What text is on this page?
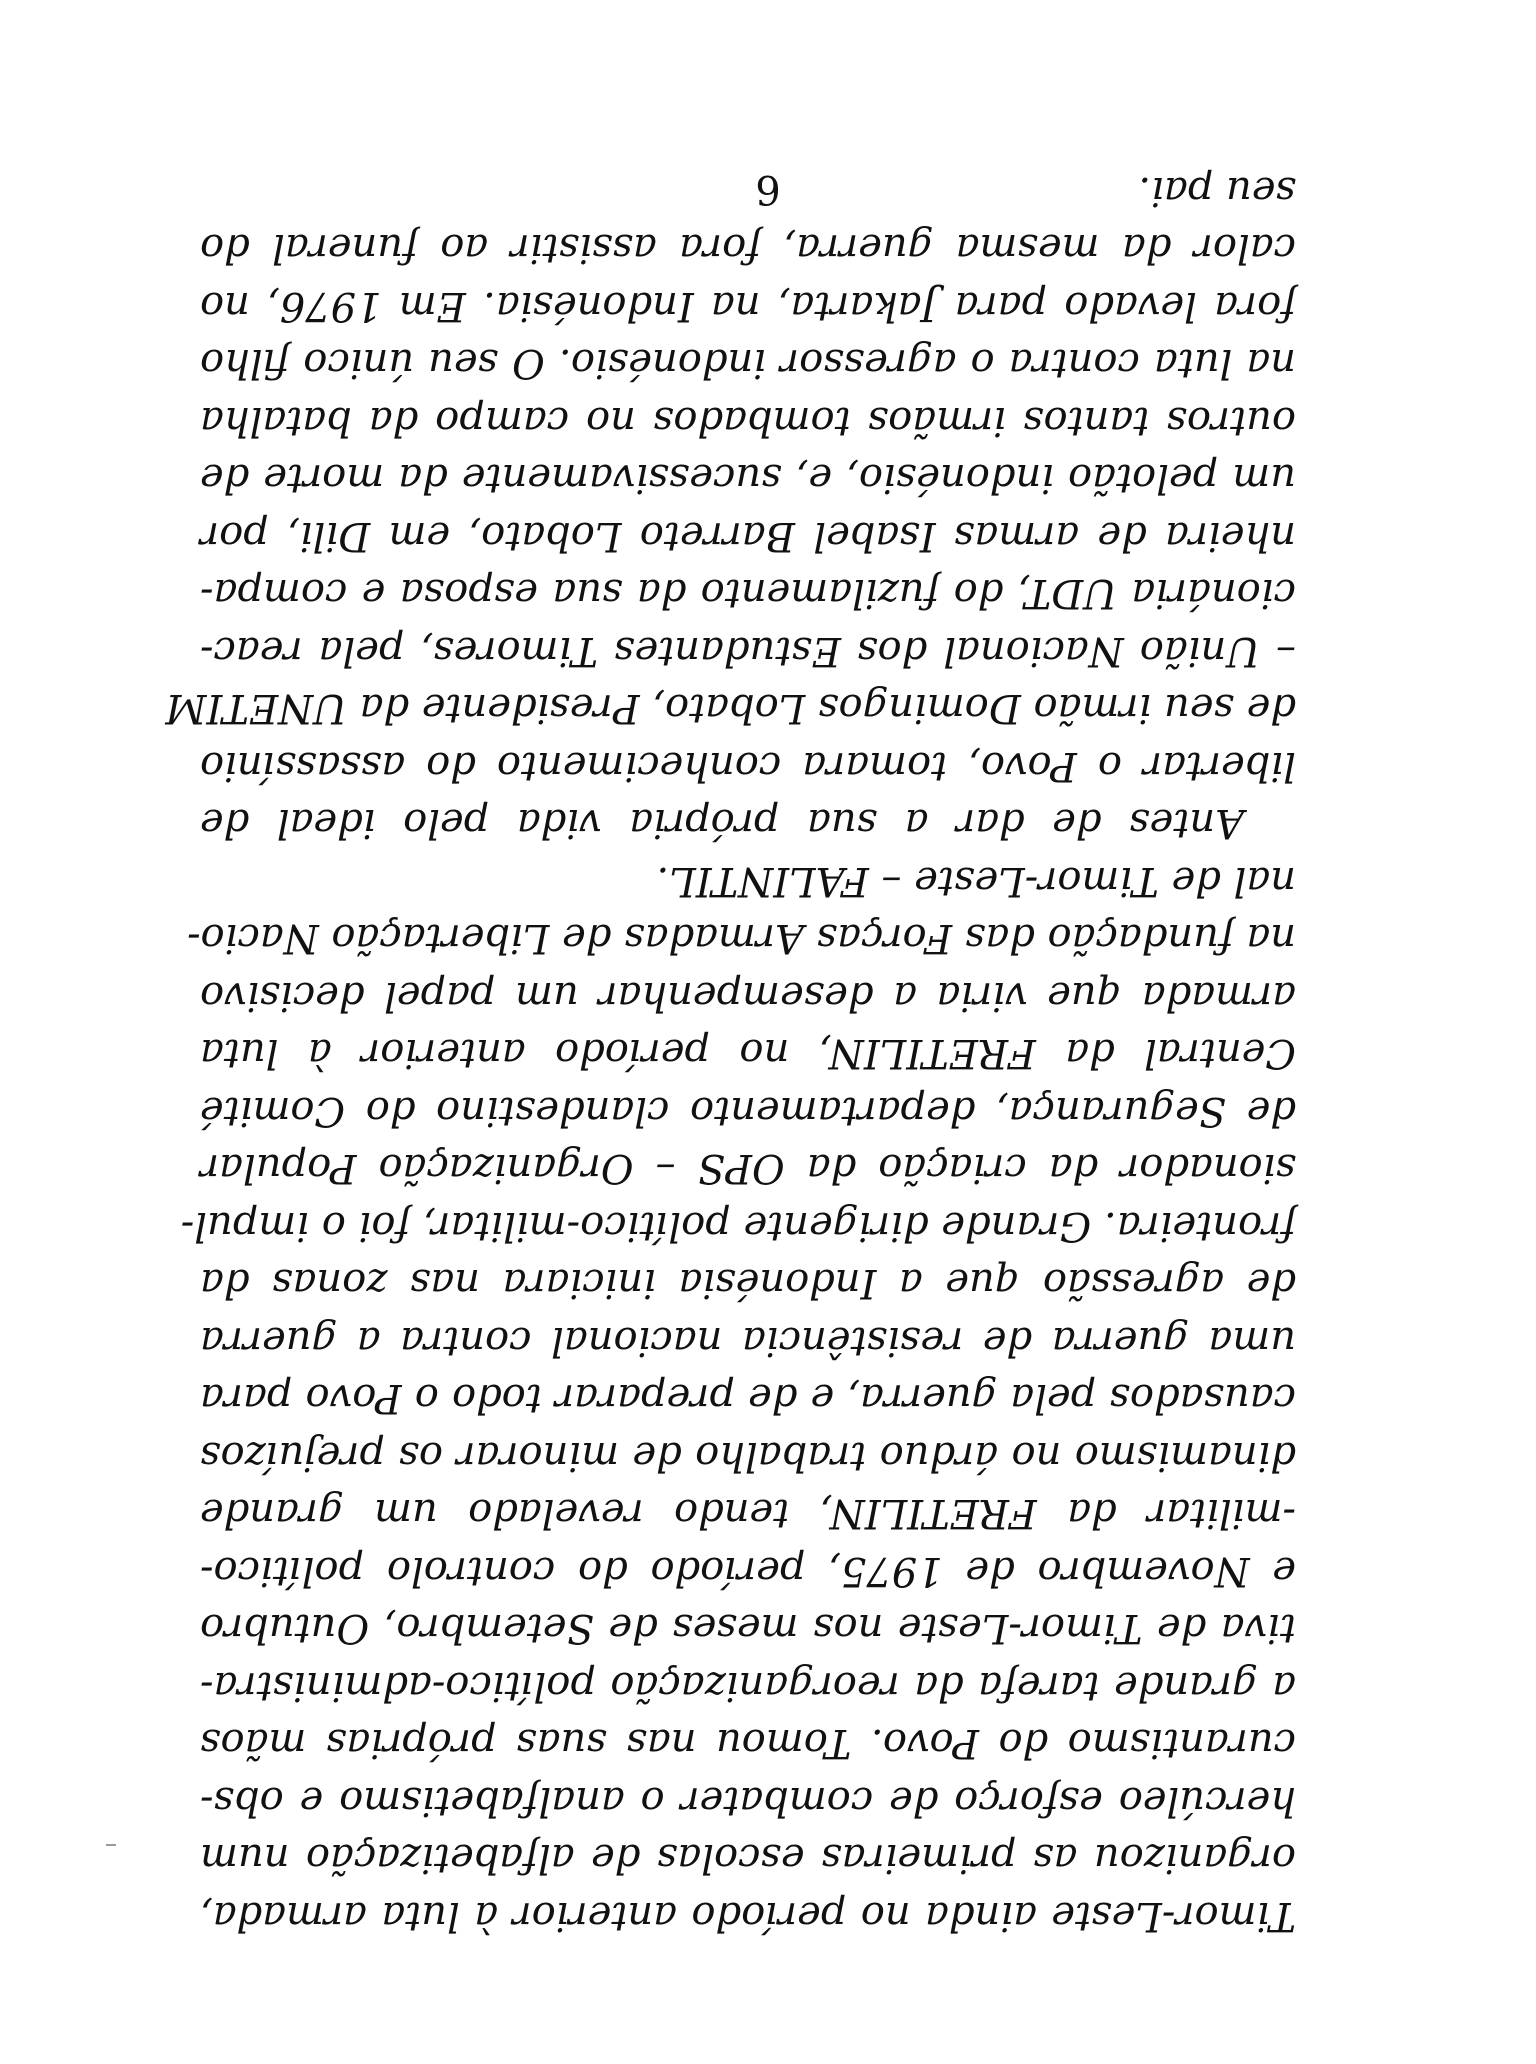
Timor-Leste ainda no período anterior à luta armada,
organizou as primeiras escolas de alfabetização num
hercúleo esforço de combater o analfabetismo e obs-
curantismo do Povo. Tomou nas suas próprias mãos
a grande tarefa da reorganização político-administra-
tiva de Timor-Leste nos meses de Setembro, Outubro
e Novembro de 1975, período do controlo político-
-militar da FRETILIN, tendo revelado um grande
dinamismo no árduo trabalho de minorar os prejuízos
causados pela guerra, e de preparar todo o Povo para
uma guerra de resistência nacional contra a guerra
de agressão que a Indonésia iniciara nas zonas da
fronteira. Grande dirigente político-militar, foi o impul-
sionador da criação da OPS – Organização Popular
de Segurança, departamento clandestino do Comité
Central da FRETILIN, no período anterior à luta
armada que viria a desempenhar um papel decisivo
na fundação das Forças Armadas de Libertação Nacio-
nal de Timor-Leste – FALINTIL.
Antes de dar a sua própria vida pelo ideal de
libertar o Povo, tomara conhecimento do assassínio
de seu irmão Domingos Lobato, Presidente da UNETIM
– União Nacional dos Estudantes Timores, pela reac-
cionária UDT, do fuzilamento da sua esposa e compa-
nheira de armas Isabel Barreto Lobato, em Dili, por
um pelotão indonésio, e, sucessivamente da morte de
outros tantos irmãos tombados no campo da batalha
na luta contra o agressor indonésio. O seu único filho
fora levado para Jakarta, na Indonésia. Em 1976, no
calor da mesma guerra, fora assistir ao funeral do
seu pai.
6
